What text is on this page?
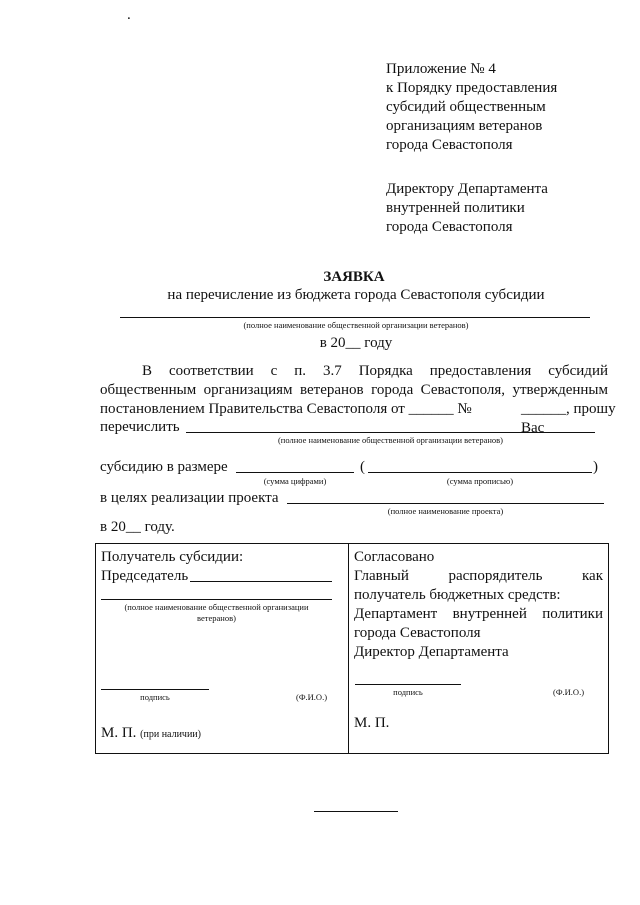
.
Приложение № 4
к Порядку предоставления
субсидий общественным
организациям ветеранов
города Севастополя
Директору Департамента
внутренней политики
города Севастополя
ЗАЯВКА
на перечисление из бюджета города Севастополя субсидии
(полное наименование общественной организации ветеранов)
в 20__ году
В соответствии с п. 3.7 Порядка предоставления субсидий
общественным организациям ветеранов города Севастополя, утвержденным
постановлением Правительства Севастополя от ______ №	______, прошу Вас
перечислить
(полное наименование общественной организации ветеранов)
субсидию в размере	(	)
(сумма цифрами)	(сумма прописью)
в целях реализации проекта
(полное наименование проекта)
в 20__ году.
Получатель субсидии:
Председатель
(полное наименование общественной организации
ветеранов)
подпись	(Ф.И.О.)
М. П. (при наличии)

Согласовано
Главный распорядитель как
получатель бюджетных средств:
Департамент внутренней политики
города Севастополя
Директор Департамента
подпись	(Ф.И.О.)
М. П.
